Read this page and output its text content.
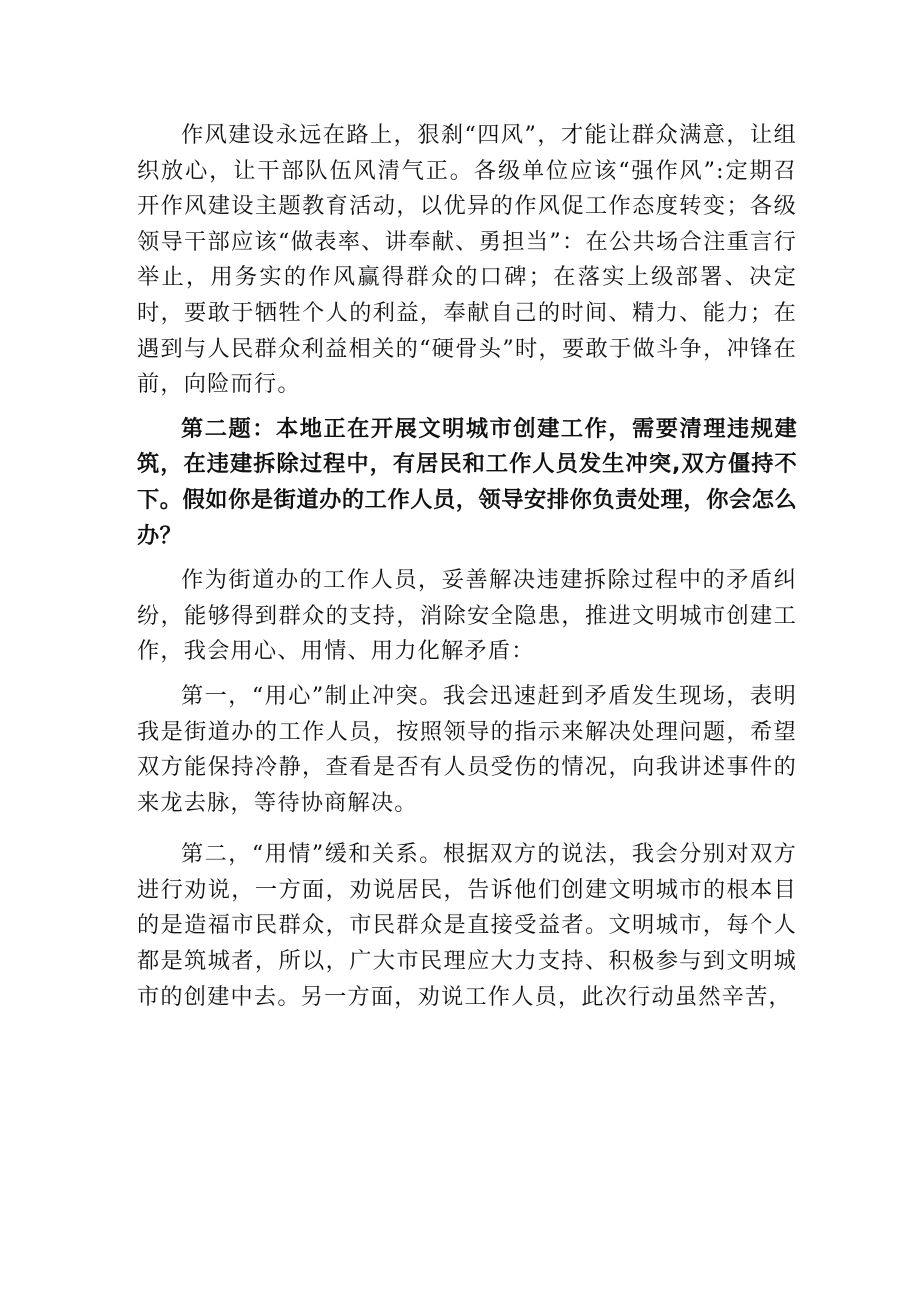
作风建设永远在路上，狠刹“四风”，才能让群众满意，让组织放心，让干部队伍风清气正。各级单位应该“强作风”:定期召开作风建设主题教育活动，以优异的作风促工作态度转变；各级领导干部应该“做表率、讲奉献、勇担当”：在公共场合注重言行举止，用务实的作风赢得群众的口碑；在落实上级部署、决定时，要敢于牺牲个人的利益，奉献自己的时间、精力、能力；在遇到与人民群众利益相关的“硬骨头”时，要敢于做斗争，冲锋在前，向险而行。

第二题：本地正在开展文明城市创建工作，需要清理违规建筑，在违建拆除过程中，有居民和工作人员发生冲突,双方僵持不下。假如你是街道办的工作人员，领导安排你负责处理，你会怎么办？

作为街道办的工作人员，妥善解决违建拆除过程中的矛盾纠纷，能够得到群众的支持，消除安全隐患，推进文明城市创建工作，我会用心、用情、用力化解矛盾：

第一，“用心”制止冲突。我会迅速赶到矛盾发生现场，表明我是街道办的工作人员，按照领导的指示来解决处理问题，希望双方能保持冷静，查看是否有人员受伤的情况，向我讲述事件的来龙去脉，等待协商解决。

第二，“用情”缓和关系。根据双方的说法，我会分别对双方进行劝说，一方面，劝说居民，告诉他们创建文明城市的根本目的是造福市民群众，市民群众是直接受益者。文明城市，每个人都是筑城者，所以，广大市民理应大力支持、积极参与到文明城市的创建中去。另一方面，劝说工作人员，此次行动虽然辛苦，
